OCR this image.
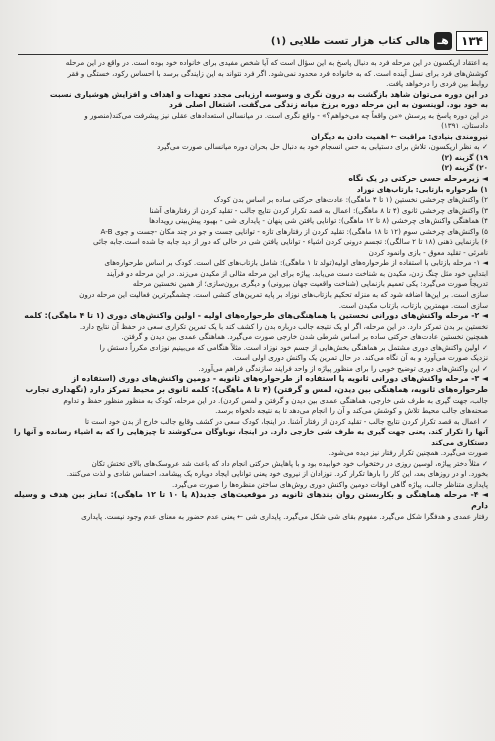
۱۳۴
هـ
هالی کتاب
هزار تست طلایی (۱)

به اعتقاد اریکسون در این مرحله فرد به دنبال پاسخ به این سؤال است که آیا شخص مفیدی برای خانواده خود بوده است. در واقع در این مرحله

کوشش‌های فرد برای نسل آینده است. که به خانواده فرد محدود نمی‌شود. اگر فرد نتواند به این زایندگی برسد با احساس رکود، خستگی و فقر

روابط بین فردی را درخواهد یافت.

در این دوره می‌توان شاهد بازگشت به درون نگری و وسوسه ارزیابی مجدد تعهدات و اهداف و افزایش هوشیاری نسبت

به خود بود. لوینسون به این مرحله دوره برزخ میانه زندگی می‌گفت. اشتغال اصلی فرد

در این دوره پاسخ به پرسش «من واقعاً چه می‌خواهم؟» - واقع نگری است. در میانسالی استعدادهای عقلی نیز پیشرفت می‌کند(منصور و

دادستان، ۱۳۹۱)

نیرومندی بنیادی: مراقبت ← اهمیت دادن به دیگران

✓ به نظر اریکسون، تلاش برای دستیابی به حس انسجام خود به دنبال حل بحران دوره میانسالی صورت می‌گیرد

۱۹) گزینه (۲)

۲۰) گزینه (۲)

◄ زیرمرحله حسی حرکتی در یک نگاه

۱) طرحواره بازتابی: بازتاب‌های نوزاد

۲) واکنش‌های چرخشی نخستین (۱ تا ۴ ماهگی): عادت‌های حرکتی ساده بر اساس بدن کودک

۳) واکنش‌های چرخشی ثانوی (۴ تا ۸ ماهگی): اعمال به قصد تکرار کردن نتایج جالب - تقلید کردن از رفتارهای آشنا

۴) هماهنگی واکنش‌های چرخشی (۸ تا ۱۲ ماهگی): توانایی یافتن شی پنهان - پایداری شی - بهبود پیش‌بینی رویدادها

۵) واکنش‌های چرخشی سوم (۱۲ تا ۱۸ ماهگی): تقلید کردن از رفتارهای تازه - توانایی جست و جو در چند مکان -جست و جوی A-B

۶) بازنمایی ذهنی (۱۸ تا ۲ سالگی): تجسم درونی کردن اشیاء - توانایی یافتن شی در حالی که دور از دید جابه جا شده است.جابه جائی

نامرئی - تقلید معوق - بازی وانمود کردن

◄ ۱- مرحله بازتابی با استفاده از طرحواره‌های اولیه(تولد تا ۱ ماهگی): شامل بازتاب‌های کلی است. کودک بر اساس طرحواره‌های

ابتدایی خود مثل چنگ زدن، مکیدن به شناخت دست می‌یابد. پیاژه برای این مرحله مثالی از مکیدن می‌زند. در این مرحله دو فرآیند

تدریجاً صورت می‌گیرد: یکی تعمیم بازنمایی (شناخت واقعیت جهان بیرونی) و دیگری برون‌سازی؛ از همین نخستین مرحله

سازی است. بر این‌ها اضافه شود که به منزله تحکیم بازتاب‌های نوزاد بر پایه تمرین‌های کنشی است. چشمگیرترین فعالیت این مرحله درون

سازی است. مهمترین بازتاب، بازتاب مکیدن است.

◄ ۲- مرحله واکنش‌های دورانی نخستین یا هماهنگی‌های طرحواره‌های اولیه - اولین واکنش‌های دوری (۱ تا ۴ ماهگی): کلمه

نخستین بر بدن تمرکز دارد. در این مرحله، اگر او یک نتیجه جالب درباره بدن را کشف کند با یک تمرین تکراری سعی در حفظ آن نتایج دارد.

همچنین نخستین عادت‌های حرکتی ساده بر اساس شرطی شدن خارجی صورت می‌گیرد. هماهنگی عمدی بین دیدن و گرفتن.

✓ اولین واکنش‌های دوری مشتمل بر هماهنگی بخش‌هایی از جسم خود نوزاد است. مثلاً هنگامی که می‌بینیم نوزادی مکرراً دستش را

نزدیک صورت می‌آورد و به آن نگاه می‌کند. در حال تمرین یک واکنش دوری اولی است.

✓ این واکنش‌های دوری توضیح خوبی را برای منظور پیاژه از واحد فرایند سازندگی فراهم می‌آورد.

◄ ۳- مرحله واکنش‌های دورانی ثانویه یا استفاده از طرحواره‌های ثانویه - دومین واکنش‌های دوری (استفاده از

طرحواره‌های ثانویه، هماهنگی بین دیدن، لمس و گرفتن) (۴ تا ۸ ماهگی): کلمه ثانوی بر محیط تمرکز دارد (نگهداری تجارب

جالب، جهت گیری به طرف شی خارجی، هماهنگی عمدی بین دیدن و گرفتن و لمس کردن). در این مرحله، کودک به منظور منظور حفظ و تداوم

صحنه‌های جالب محیط تلاش و کوشش می‌کند و آن را انجام می‌دهد تا به نتیجه دلخواه برسد.

✓ اعمال به قصد تکرار کردن نتایج جالب - تقلید کردن از رفتار آشنا. در اینجا، کودک سعی در کشف وقایع جالب خارج از بدن خود است تا

آنها را تکرار کند. یعنی جهت گیری به طرف شی خارجی دارد. در اینجا، نوباوگان می‌کوشند تا چیزهایی را که به اشیاء رسانده و آنها را دستکاری می‌کند

صورت می‌گیرد. همچنین تکرار رفتار نیز دیده می‌شود.

✓ مثلاً دختر پیاژه، لوسین روزی در رختخواب خود خوابیده بود و با پاهایش حرکتی انجام داد که باعث شد عروسک‌های بالای تختش تکان

بخورد. او در روزهای بعد، این کار را بارها تکرار کرد. نوزادان از نیروی خود یعنی توانایی ایجاد دوباره یک پیشامد، احساس شادی و لذت می‌کنند.

پایداری متناظر جالب، پیاژه گاهی اوقات دومین واکنش دوری روش‌های ساختن منظره‌ها را صورت می‌گیرد.

◄ ۴- مرحله هماهنگی و بکاربستن روان بندهای ثانویه در موقعیت‌های جدید(۸ یا ۱۰ تا ۱۲ ماهگی): تمایز بین هدف و وسیله دارم

رفتار عمدی و هدفگرا شکل می‌گیرد. مفهوم بقای شی شکل می‌گیرد. پایداری شی ← یعنی عدم حضور به معنای عدم وجود نیست. پایداری
